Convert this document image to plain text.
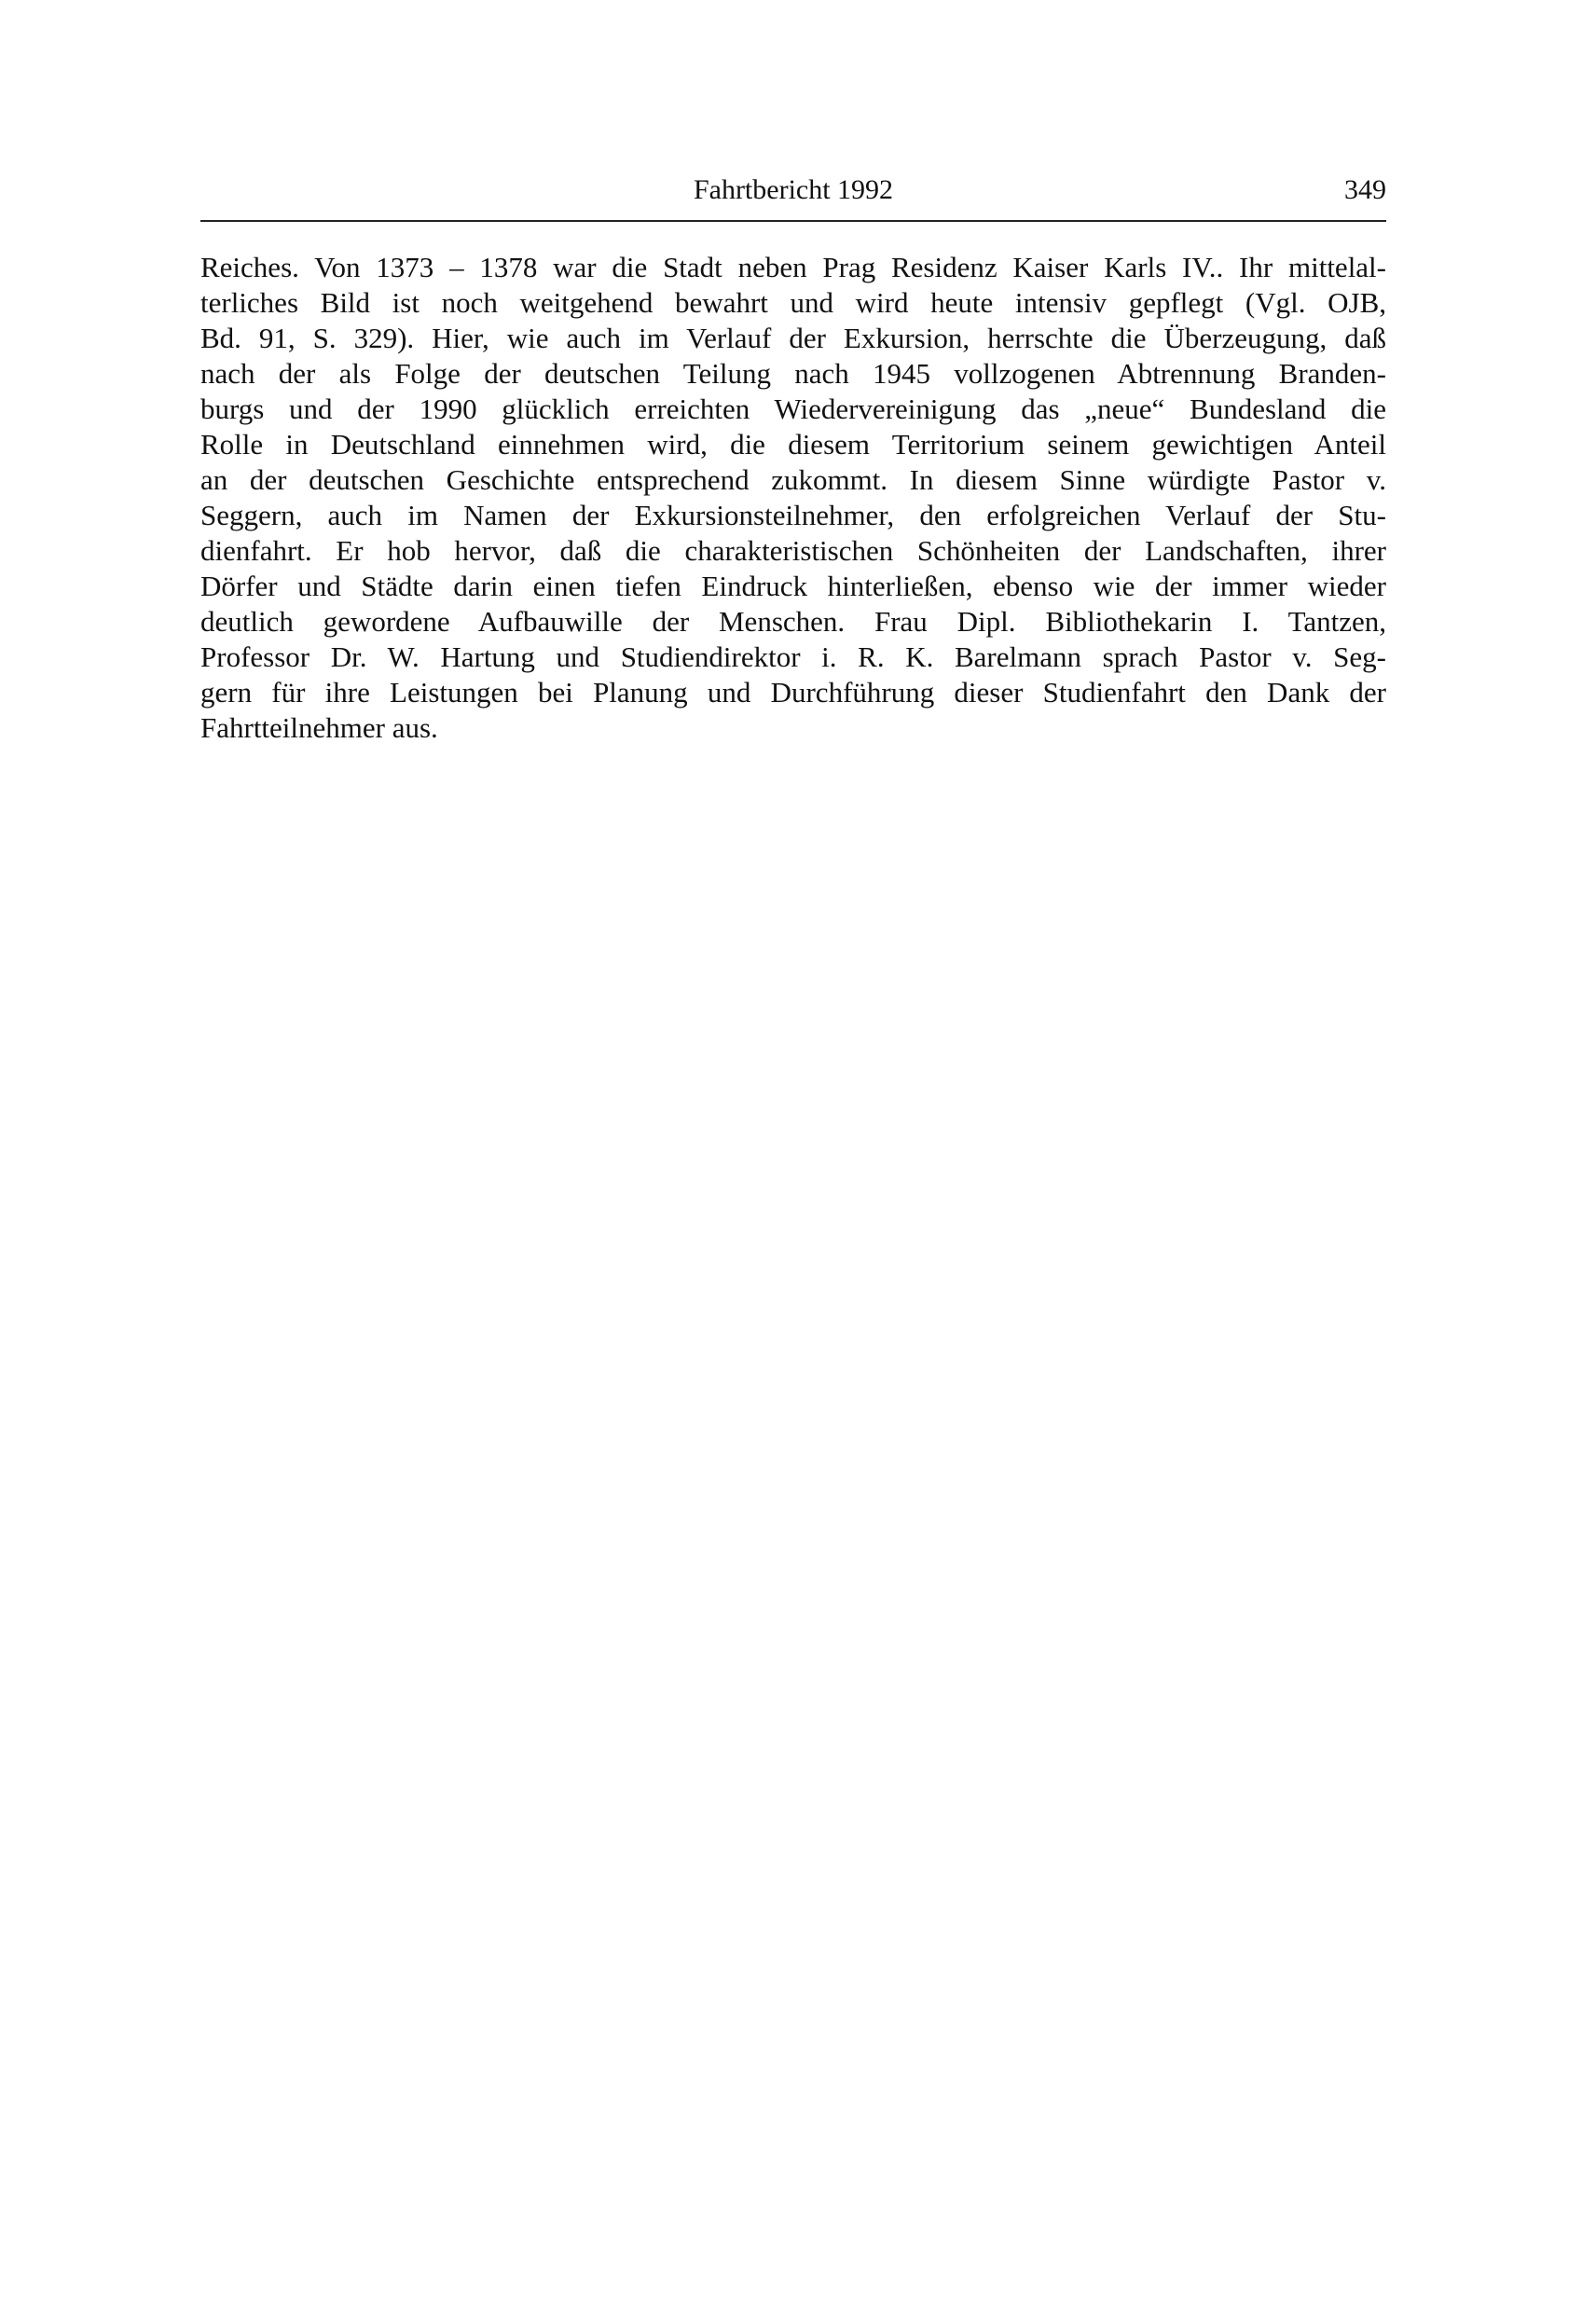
Fahrtbericht 1992	349
Reiches. Von 1373 – 1378 war die Stadt neben Prag Residenz Kaiser Karls IV.. Ihr mittelal-
terliches Bild ist noch weitgehend bewahrt und wird heute intensiv gepflegt (Vgl. OJB,
Bd. 91, S. 329). Hier, wie auch im Verlauf der Exkursion, herrschte die Überzeugung, daß
nach der als Folge der deutschen Teilung nach 1945 vollzogenen Abtrennung Branden-
burgs und der 1990 glücklich erreichten Wiedervereinigung das „neue“ Bundesland die
Rolle in Deutschland einnehmen wird, die diesem Territorium seinem gewichtigen Anteil
an der deutschen Geschichte entsprechend zukommt. In diesem Sinne würdigte Pastor v.
Seggern, auch im Namen der Exkursionsteilnehmer, den erfolgreichen Verlauf der Stu-
dienfahrt. Er hob hervor, daß die charakteristischen Schönheiten der Landschaften, ihrer
Dörfer und Städte darin einen tiefen Eindruck hinterließen, ebenso wie der immer wieder
deutlich gewordene Aufbauwille der Menschen. Frau Dipl. Bibliothekarin I. Tantzen,
Professor Dr. W. Hartung und Studiendirektor i. R. K. Barelmann sprach Pastor v. Seg-
gern für ihre Leistungen bei Planung und Durchführung dieser Studienfahrt den Dank der
Fahrtteilnehmer aus.
